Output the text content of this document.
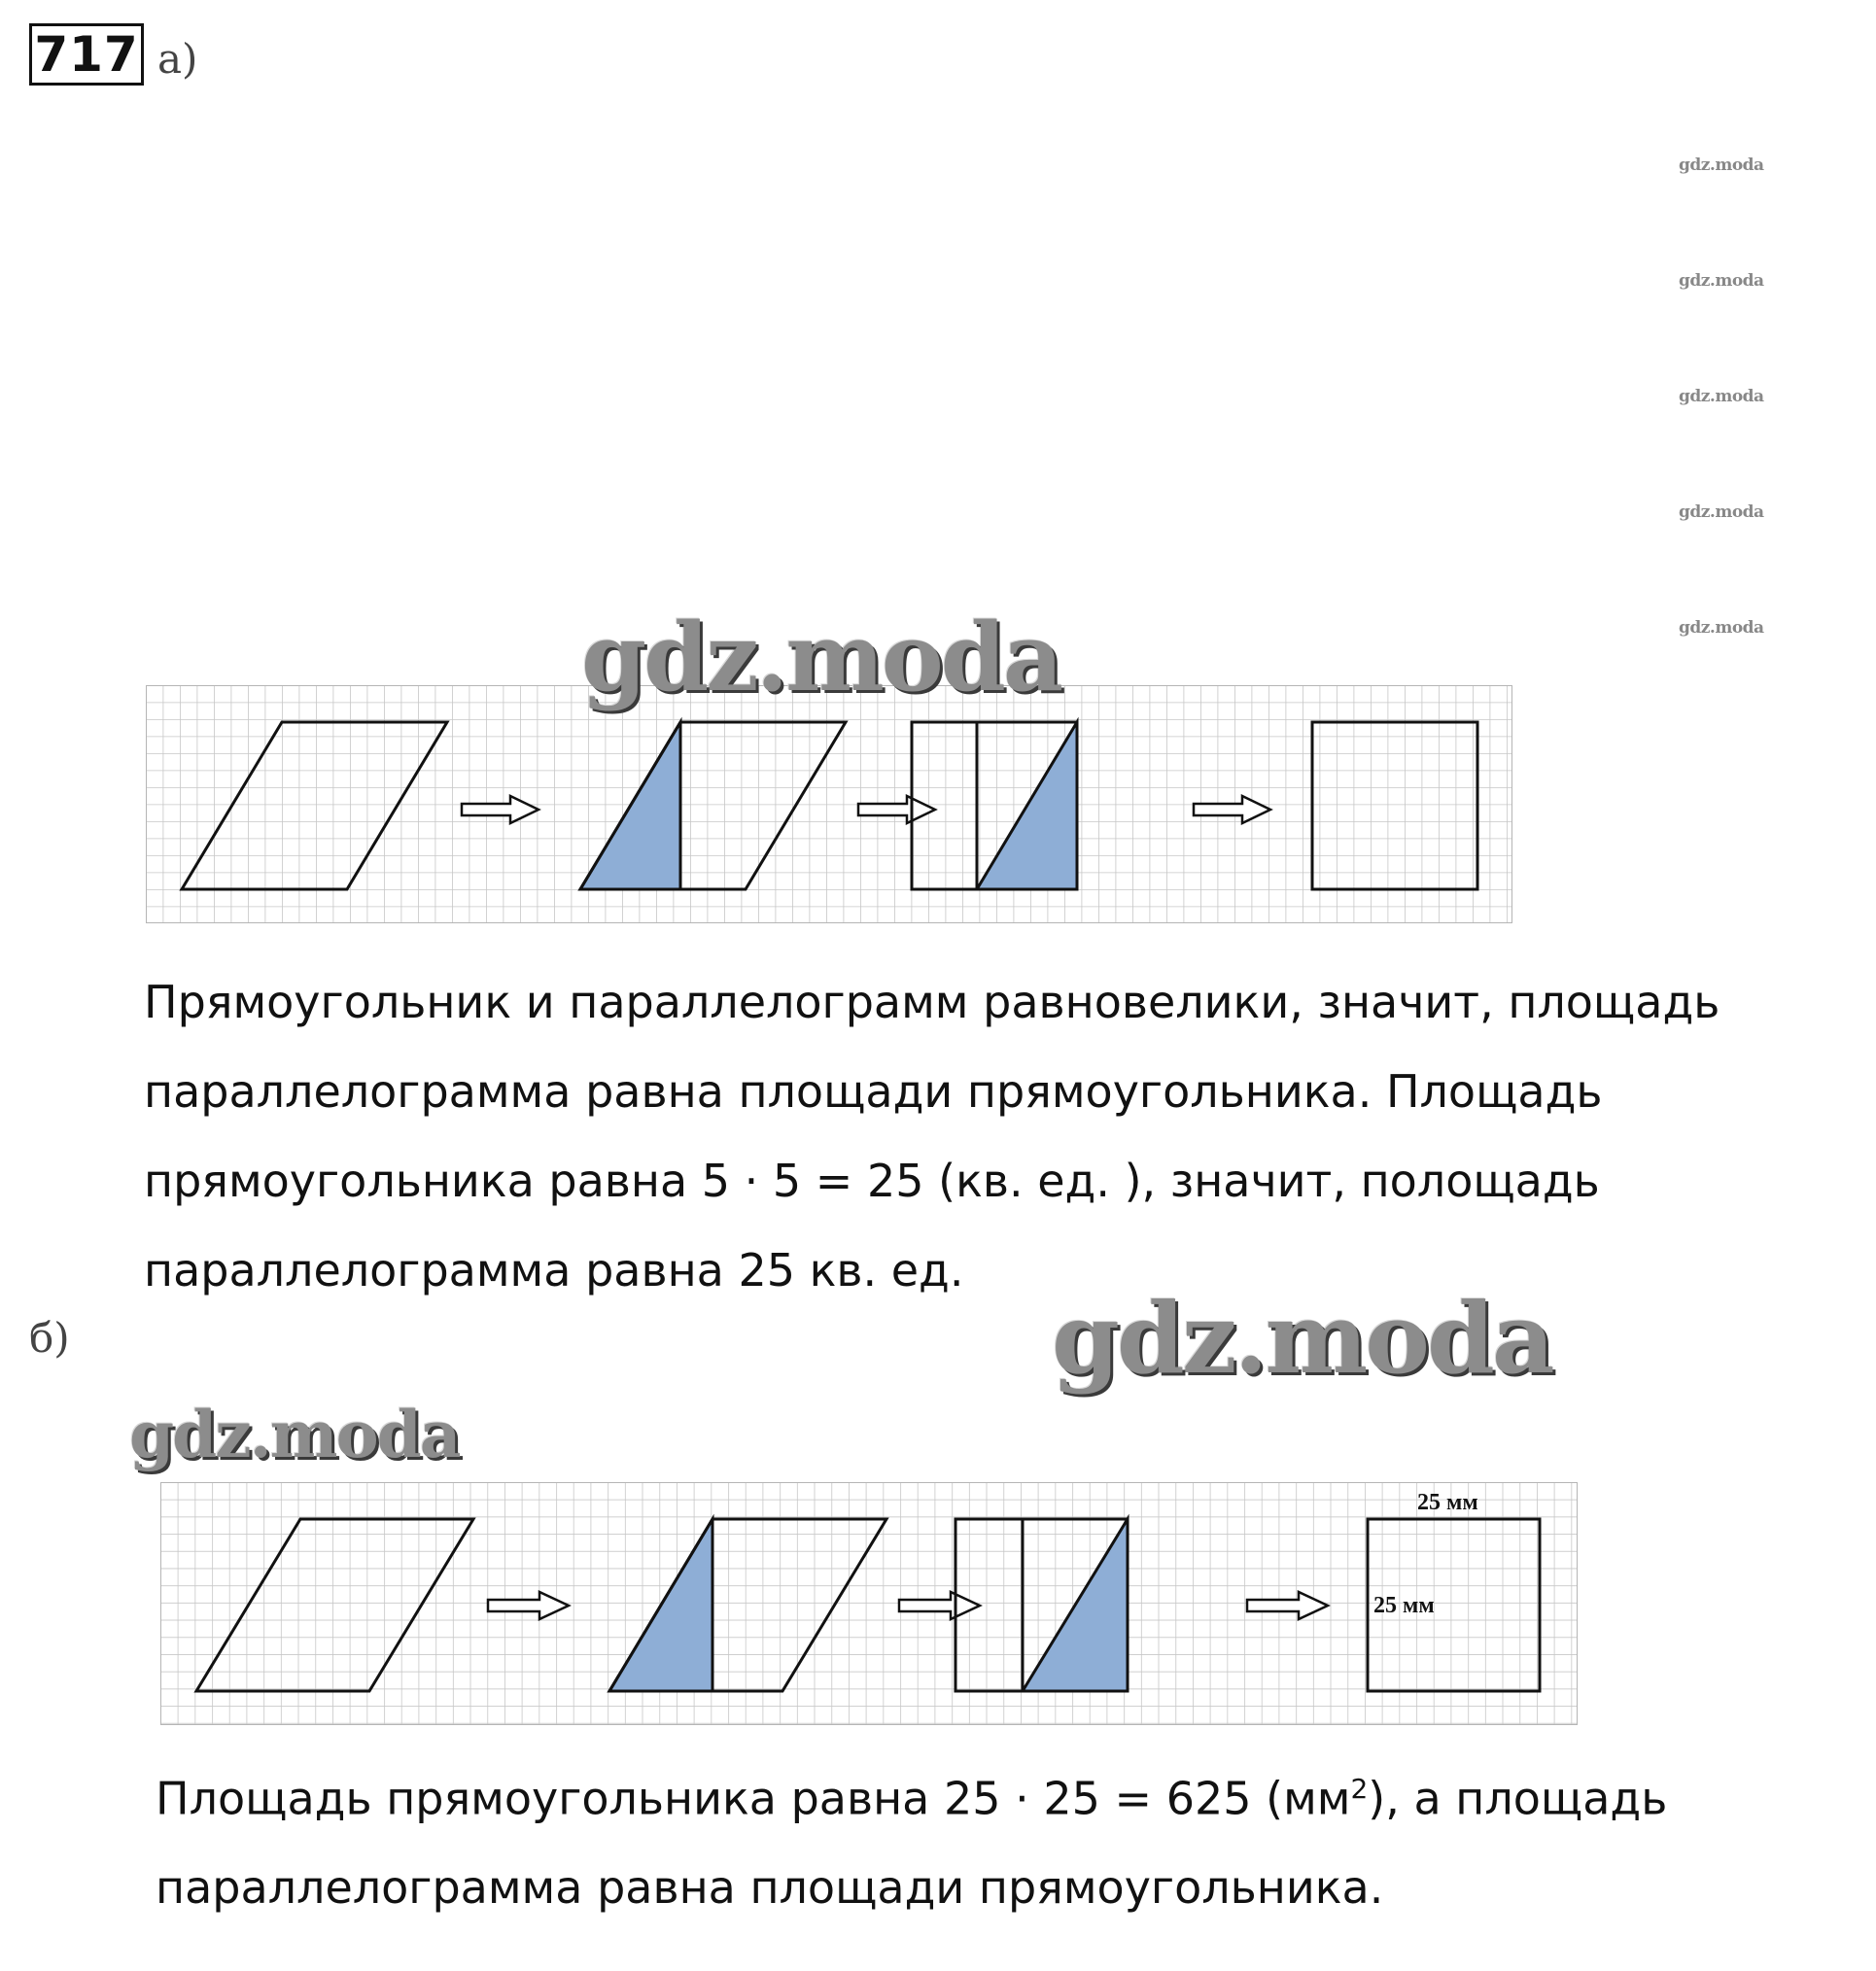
717 а)
gdz.moda
gdz.moda
gdz.moda
gdz.moda
gdz.moda
gdz.moda

Прямоугольник и параллелограмм равновелики, значит, площадь

параллелограмма равна площади прямоугольника. Площадь

прямоугольника равна 5 · 5 = 25 (кв. ед. ), значит, полощадь

параллелограмма равна 25 кв. ед.

б)	gdz.moda
gdz.moda
25 мм
25 мм

Площадь прямоугольника равна 25 · 25 = 625 $(мм^2)$, а площадь

параллелограмма равна площади прямоугольника.
